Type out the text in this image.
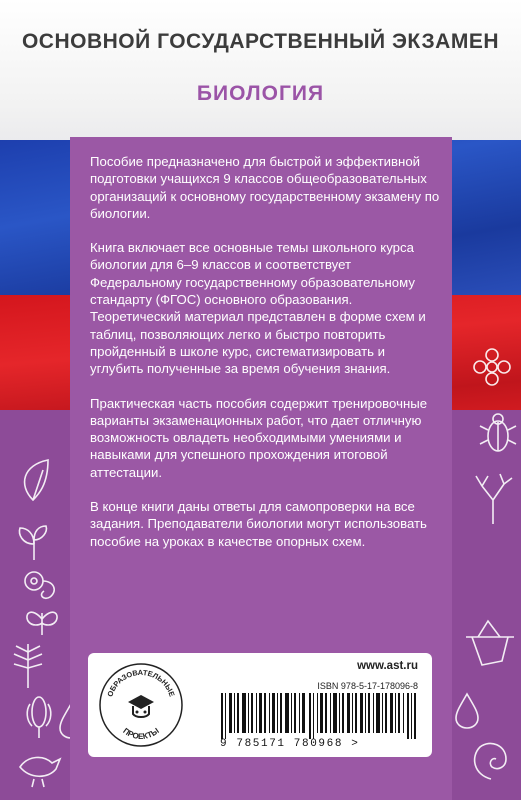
ОСНОВНОЙ ГОСУДАРСТВЕННЫЙ ЭКЗАМЕН
БИОЛОГИЯ

Пособие предназначено для быстрой и эффективной подготовки учащихся 9 классов общеобразовательных организаций к основному государственному экзамену по биологии.

Книга включает все основные темы школьного курса биологии для 6–9 классов и соответствует Федеральному государственному образовательному стандарту (ФГОС) основного образования. Теоретический материал представлен в форме схем и таблиц, позволяющих легко и быстро повторить пройденный в школе курс, систематизировать и углубить полученные за время обучения знания.

Практическая часть пособия содержит тренировочные варианты экзаменационных работ, что дает отличную возможность овладеть необходимыми умениями и навыками для успешного прохождения итоговой аттестации.

В конце книги даны ответы для самопроверки на все задания. Преподаватели биологии могут использовать пособие на уроках в качестве опорных схем.

ОБРАЗОВАТЕЛЬНЫЕ
ПРОЕКТЫ
www.ast.ru
ISBN 978-5-17-178096-8
9 785171 780968 >
